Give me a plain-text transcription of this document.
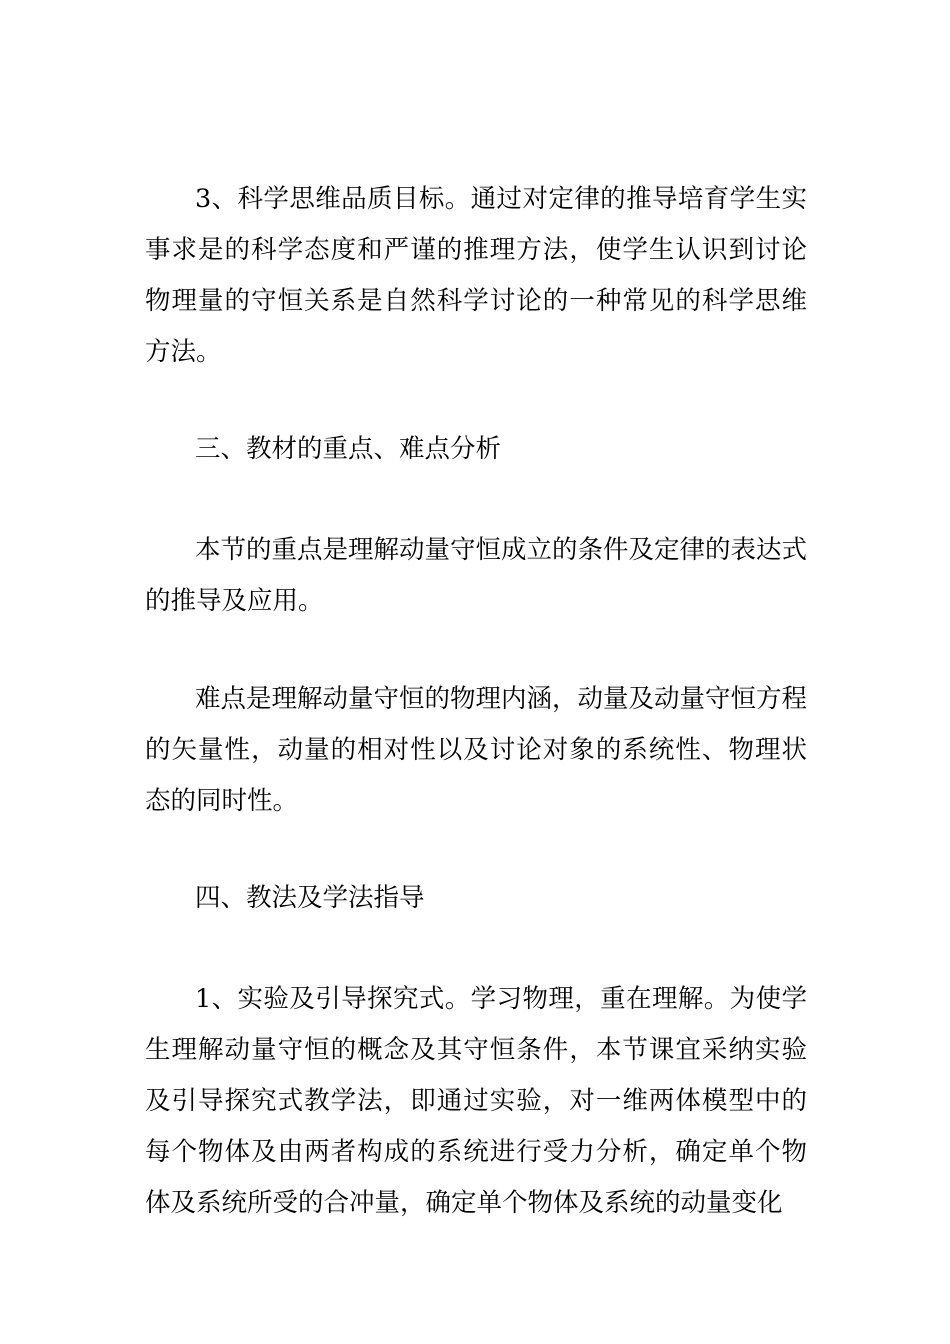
3、科学思维品质目标。通过对定律的推导培育学生实事求是的科学态度和严谨的推理方法，使学生认识到讨论物理量的守恒关系是自然科学讨论的一种常见的科学思维方法。

三、教材的重点、难点分析

本节的重点是理解动量守恒成立的条件及定律的表达式的推导及应用。

难点是理解动量守恒的物理内涵，动量及动量守恒方程的矢量性，动量的相对性以及讨论对象的系统性、物理状态的同时性。

四、教法及学法指导

1、实验及引导探究式。学习物理，重在理解。为使学生理解动量守恒的概念及其守恒条件，本节课宜采纳实验及引导探究式教学法，即通过实验，对一维两体模型中的每个物体及由两者构成的系统进行受力分析，确定单个物体及系统所受的合冲量，确定单个物体及系统的动量变化
